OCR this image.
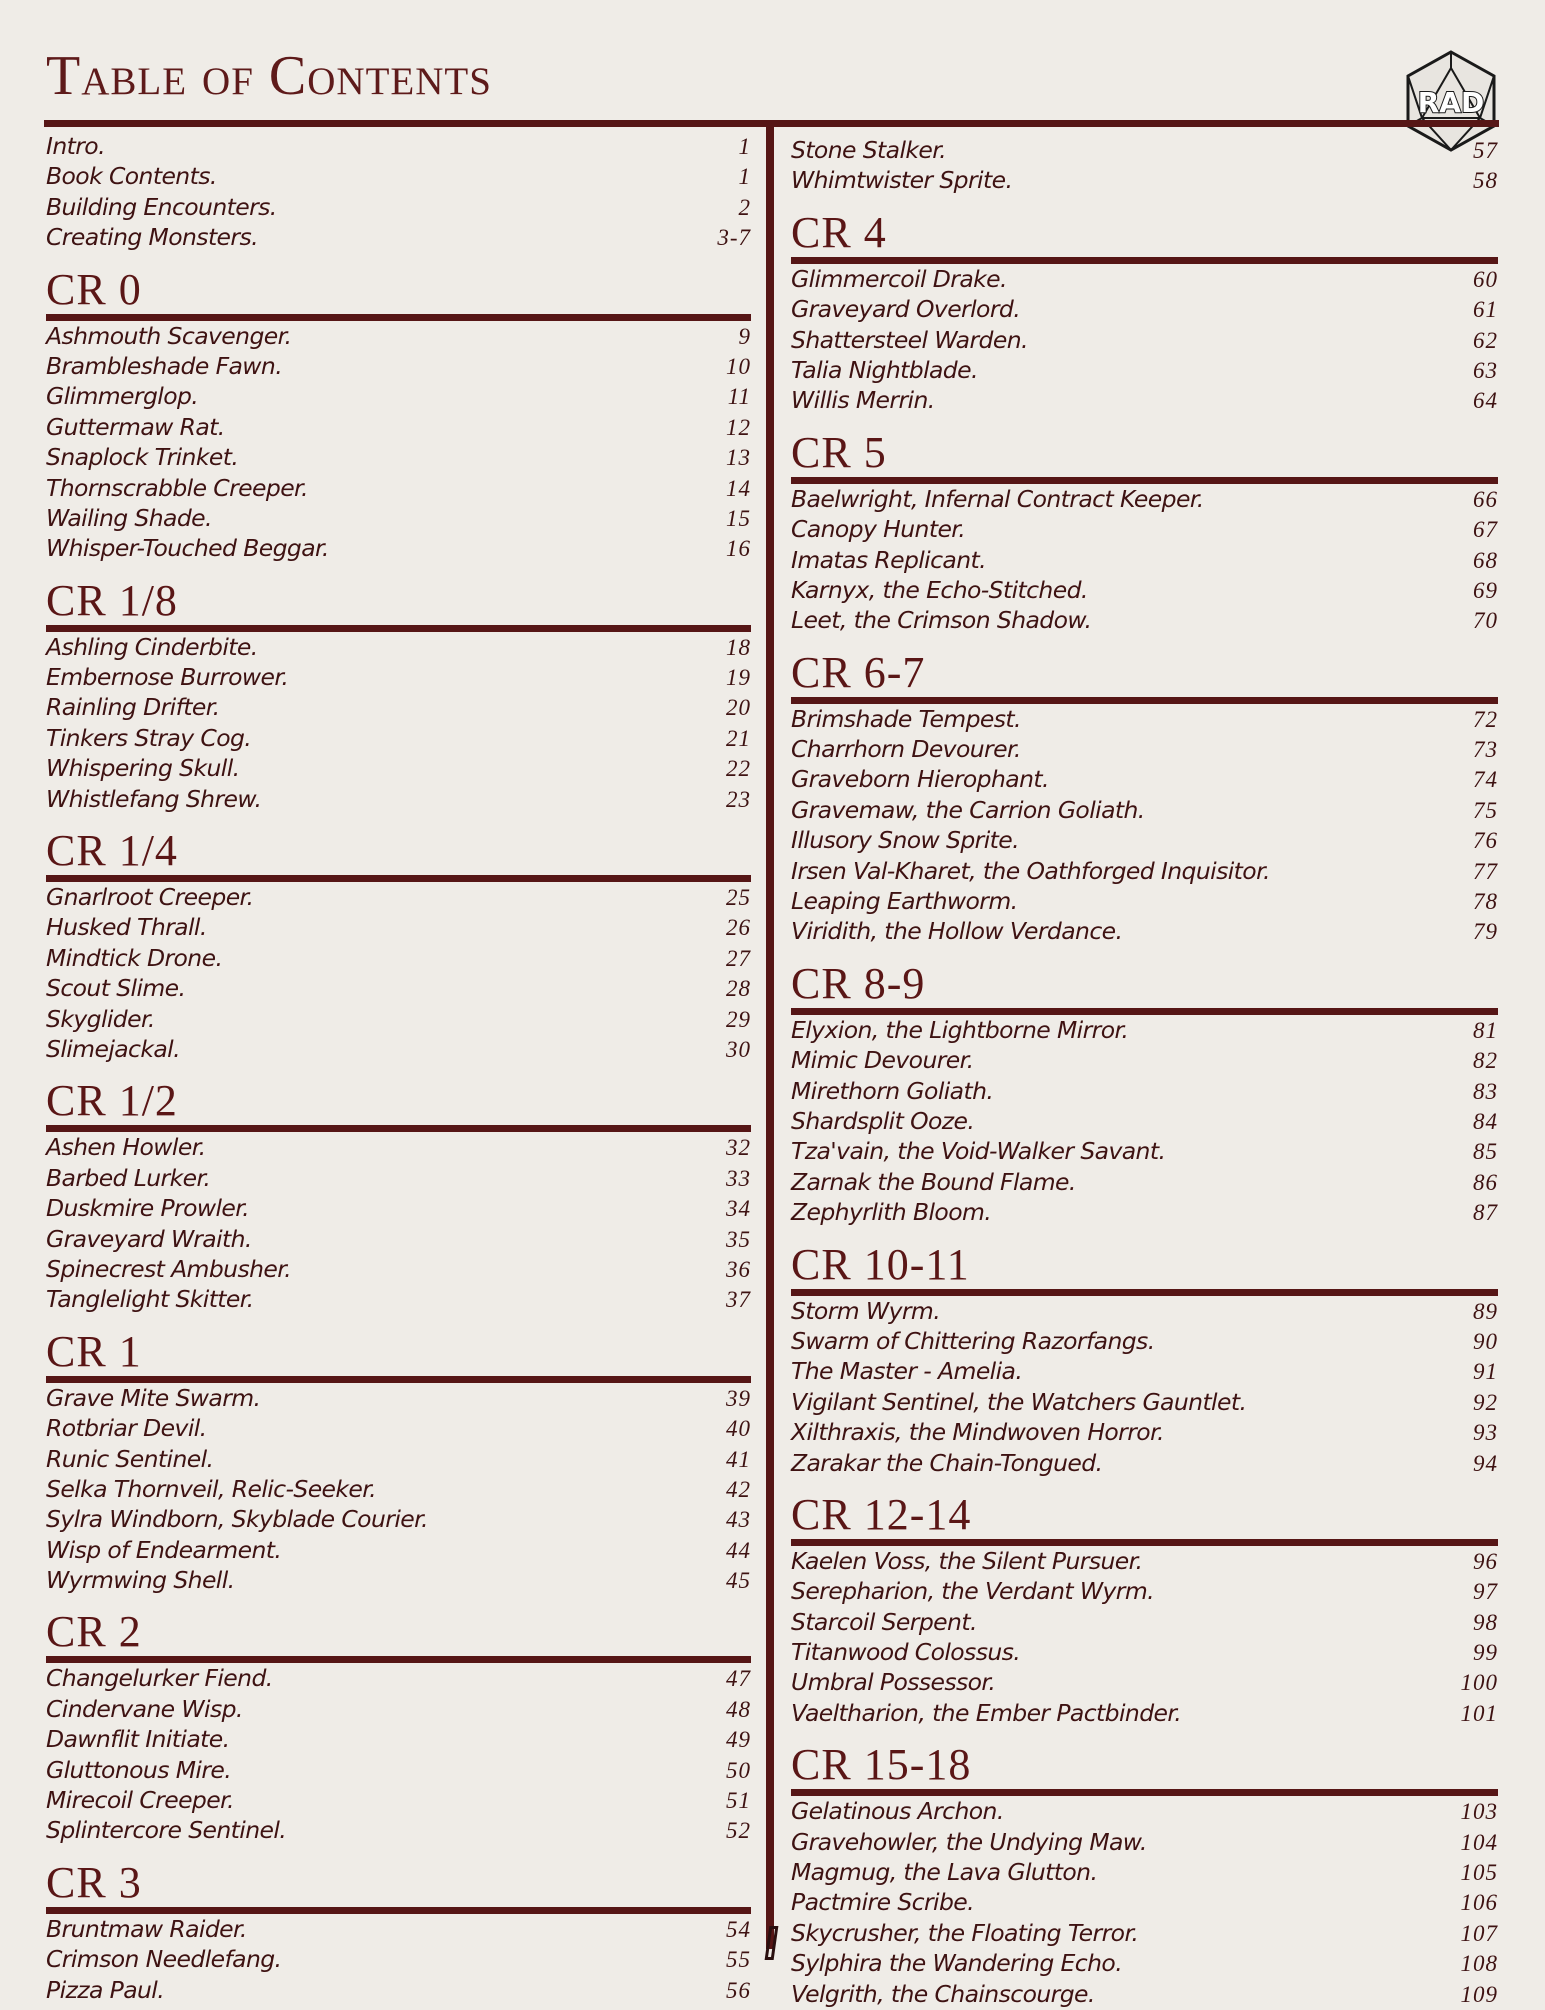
Table of Contents	RAD
Intro.	1
Book Contents.	1
Building Encounters.	2
Creating Monsters.	3-7
CR 0
Ashmouth Scavenger.	9
Brambleshade Fawn.	10
Glimmerglop.	11
Guttermaw Rat.	12
Snaplock Trinket.	13
Thornscrabble Creeper.	14
Wailing Shade.	15
Whisper-Touched Beggar.	16
CR 1/8
Ashling Cinderbite.	18
Embernose Burrower.	19
Rainling Drifter.	20
Tinkers Stray Cog.	21
Whispering Skull.	22
Whistlefang Shrew.	23
CR 1/4
Gnarlroot Creeper.	25
Husked Thrall.	26
Mindtick Drone.	27
Scout Slime.	28
Skyglider.	29
Slimejackal.	30
CR 1/2
Ashen Howler.	32
Barbed Lurker.	33
Duskmire Prowler.	34
Graveyard Wraith.	35
Spinecrest Ambusher.	36
Tanglelight Skitter.	37
CR 1
Grave Mite Swarm.	39
Rotbriar Devil.	40
Runic Sentinel.	41
Selka Thornveil, Relic-Seeker.	42
Sylra Windborn, Skyblade Courier.	43
Wisp of Endearment.	44
Wyrmwing Shell.	45
CR 2
Changelurker Fiend.	47
Cindervane Wisp.	48
Dawnflit Initiate.	49
Gluttonous Mire.	50
Mirecoil Creeper.	51
Splintercore Sentinel.	52
CR 3
Bruntmaw Raider.	54
Crimson Needlefang.	55
Pizza Paul.	56
Stone Stalker.	57
Whimtwister Sprite.	58
CR 4
Glimmercoil Drake.	60
Graveyard Overlord.	61
Shattersteel Warden.	62
Talia Nightblade.	63
Willis Merrin.	64
CR 5
Baelwright, Infernal Contract Keeper.	66
Canopy Hunter.	67
Imatas Replicant.	68
Karnyx, the Echo-Stitched.	69
Leet, the Crimson Shadow.	70
CR 6-7
Brimshade Tempest.	72
Charrhorn Devourer.	73
Graveborn Hierophant.	74
Gravemaw, the Carrion Goliath.	75
Illusory Snow Sprite.	76
Irsen Val-Kharet, the Oathforged Inquisitor.	77
Leaping Earthworm.	78
Viridith, the Hollow Verdance.	79
CR 8-9
Elyxion, the Lightborne Mirror.	81
Mimic Devourer.	82
Mirethorn Goliath.	83
Shardsplit Ooze.	84
Tza'vain, the Void-Walker Savant.	85
Zarnak the Bound Flame.	86
Zephyrlith Bloom.	87
CR 10-11
Storm Wyrm.	89
Swarm of Chittering Razorfangs.	90
The Master - Amelia.	91
Vigilant Sentinel, the Watchers Gauntlet.	92
Xilthraxis, the Mindwoven Horror.	93
Zarakar the Chain-Tongued.	94
CR 12-14
Kaelen Voss, the Silent Pursuer.	96
Serepharion, the Verdant Wyrm.	97
Starcoil Serpent.	98
Titanwood Colossus.	99
Umbral Possessor.	100
Vaeltharion, the Ember Pactbinder.	101
CR 15-18
Gelatinous Archon.	103
Gravehowler, the Undying Maw.	104
Magmug, the Lava Glutton.	105
Pactmire Scribe.	106
Skycrusher, the Floating Terror.	107
Sylphira the Wandering Echo.	108
Velgrith, the Chainscourge.	109
